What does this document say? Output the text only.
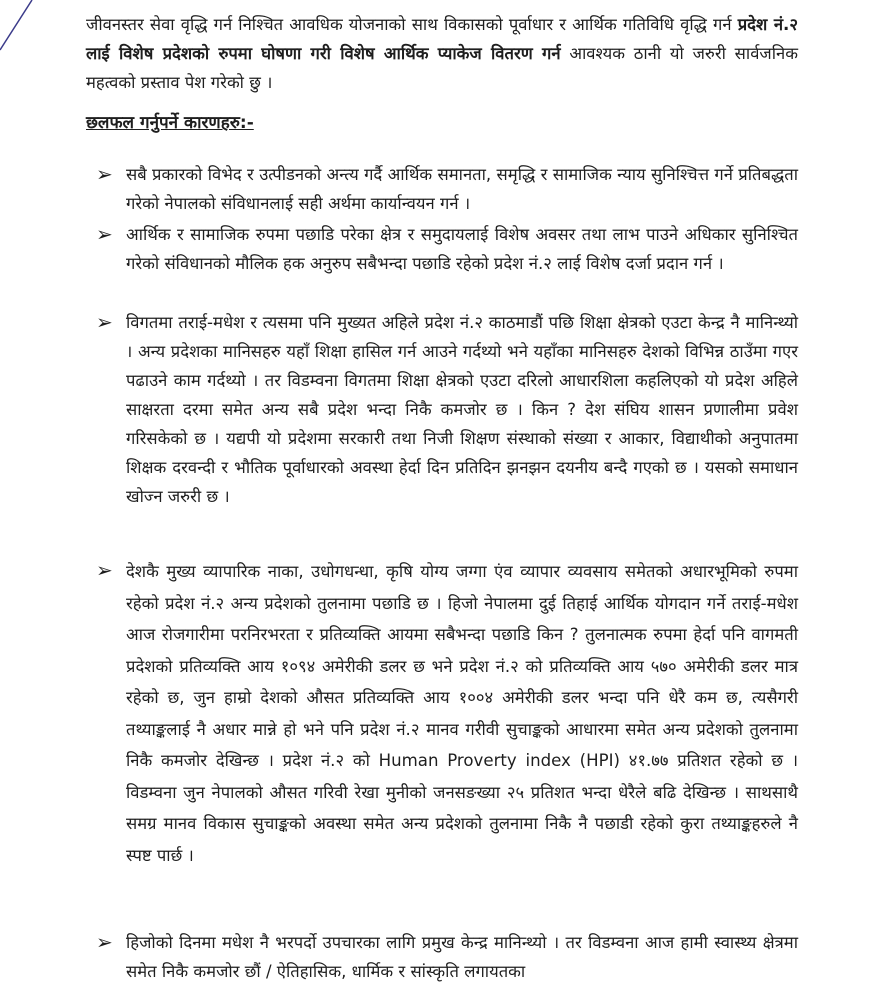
जीवनस्तर सेवा वृद्धि गर्न निश्चित आवधिक योजनाको साथ विकासको पूर्वाधार र आर्थिक गतिविधि वृद्धि गर्न प्रदेश नं.२ लाई विशेष प्रदेशको रुपमा घोषणा गरी विशेष आर्थिक प्याकेज वितरण गर्न आवश्यक ठानी यो जरुरी सार्वजनिक महत्वको प्रस्ताव पेश गरेको छु ।

छलफल गर्नुपर्ने कारणहरु:-

➢ सबै प्रकारको विभेद र उत्पीडनको अन्त्य गर्दै आर्थिक समानता, समृद्धि र सामाजिक न्याय सुनिश्चित्त गर्ने प्रतिबद्धता गरेको नेपालको संविधानलाई सही अर्थमा कार्यान्वयन गर्न ।

➢ आर्थिक र सामाजिक रुपमा पछाडि परेका क्षेत्र र समुदायलाई विशेष अवसर तथा लाभ पाउने अधिकार सुनिश्चित गरेको संविधानको मौलिक हक अनुरुप सबैभन्दा पछाडि रहेको प्रदेश नं.२ लाई विशेष दर्जा प्रदान गर्न ।

➢ विगतमा तराई-मधेश र त्यसमा पनि मुख्यत अहिले प्रदेश नं.२ काठमाडौं पछि शिक्षा क्षेत्रको एउटा केन्द्र नै मानिन्थ्यो । अन्य प्रदेशका मानिसहरु यहाँ शिक्षा हासिल गर्न आउने गर्दथ्यो भने यहाँका मानिसहरु देशको विभिन्न ठाउँमा गएर पढाउने काम गर्दथ्यो । तर विडम्वना विगतमा शिक्षा क्षेत्रको एउटा दरिलो आधारशिला कहलिएको यो प्रदेश अहिले साक्षरता दरमा समेत अन्य सबै प्रदेश भन्दा निकै कमजोर छ । किन ? देश संघिय शासन प्रणालीमा प्रवेश गरिसकेको छ । यद्यपी यो प्रदेशमा सरकारी तथा निजी शिक्षण संस्थाको संख्या र आकार, विद्याथीको अनुपातमा शिक्षक दरवन्दी र भौतिक पूर्वाधारको अवस्था हेर्दा दिन प्रतिदिन झनझन दयनीय बन्दै गएको छ । यसको समाधान खोज्न जरुरी छ ।

➢ देशकै मुख्य व्यापारिक नाका, उधोगधन्धा, कृषि योग्य जग्गा एंव व्यापार व्यवसाय समेतको अधारभूमिको रुपमा रहेको प्रदेश नं.२ अन्य प्रदेशको तुलनामा पछाडि छ । हिजो नेपालमा दुई तिहाई आर्थिक योगदान गर्ने तराई-मधेश आज रोजगारीमा परनिरभरता र प्रतिव्यक्ति आयमा सबैभन्दा पछाडि किन ? तुलनात्मक रुपमा हेर्दा पनि वागमती प्रदेशको प्रतिव्यक्ति आय १०९४ अमेरीकी डलर छ भने प्रदेश नं.२ को प्रतिव्यक्ति आय ५७० अमेरीकी डलर मात्र रहेको छ, जुन हाम्रो देशको औसत प्रतिव्यक्ति आय १००४ अमेरीकी डलर भन्दा पनि धेरै कम छ, त्यसैगरी तथ्याङ्कलाई नै अधार मान्ने हो भने पनि प्रदेश नं.२ मानव गरीवी सुचाङ्कको आधारमा समेत अन्य प्रदेशको तुलनामा निकै कमजोर देखिन्छ । प्रदेश नं.२ को Human Proverty index (HPI) ४१.७७ प्रतिशत रहेको छ । विडम्वना जुन नेपालको औसत गरिवी रेखा मुनीको जनसङख्या २५ प्रतिशत भन्दा धेरैले बढि देखिन्छ । साथसाथै समग्र मानव विकास सुचाङ्कको अवस्था समेत अन्य प्रदेशको तुलनामा निकै नै पछाडी रहेको कुरा तथ्याङ्कहरुले नै स्पष्ट पार्छ ।

➢ हिजोको दिनमा मधेश नै भरपर्दो उपचारका लागि प्रमुख केन्द्र मानिन्थ्यो । तर विडम्वना आज हामी स्वास्थ्य क्षेत्रमा समेत निकै कमजोर छौं / ऐतिहासिक, धार्मिक र सांस्कृति लगायतका
